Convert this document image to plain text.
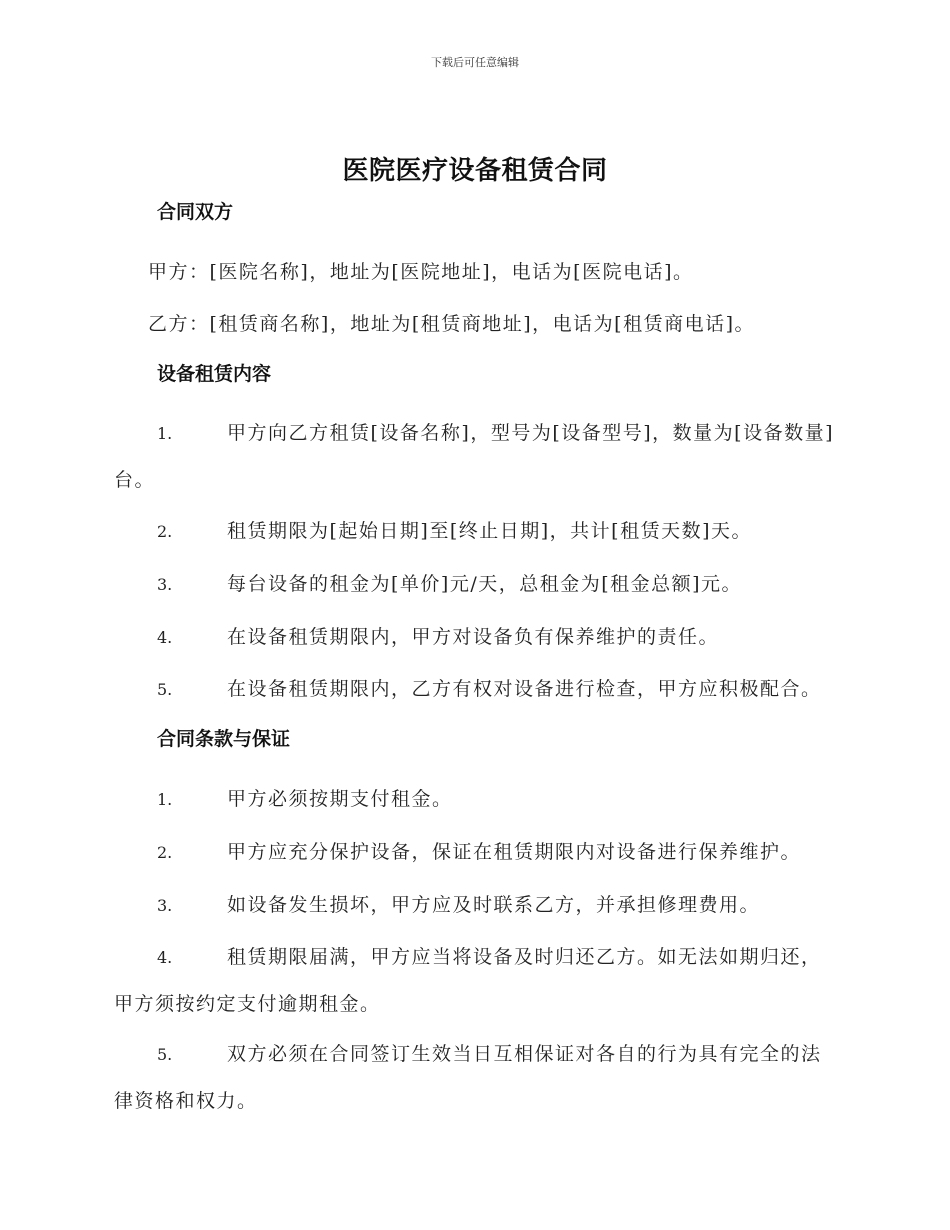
下载后可任意编辑
医院医疗设备租赁合同
合同双方
甲方：[医院名称]，地址为[医院地址]，电话为[医院电话]。
乙方：[租赁商名称]，地址为[租赁商地址]，电话为[租赁商电话]。
设备租赁内容
1.	甲方向乙方租赁[设备名称]，型号为[设备型号]，数量为[设备数量]台。
2.	租赁期限为[起始日期]至[终止日期]，共计[租赁天数]天。
3.	每台设备的租金为[单价]元/天，总租金为[租金总额]元。
4.	在设备租赁期限内，甲方对设备负有保养维护的责任。
5.	在设备租赁期限内，乙方有权对设备进行检查，甲方应积极配合。
合同条款与保证
1.	甲方必须按期支付租金。
2.	甲方应充分保护设备，保证在租赁期限内对设备进行保养维护。
3.	如设备发生损坏，甲方应及时联系乙方，并承担修理费用。
4.	租赁期限届满，甲方应当将设备及时归还乙方。如无法如期归还，甲方须按约定支付逾期租金。
5.	双方必须在合同签订生效当日互相保证对各自的行为具有完全的法律资格和权力。
